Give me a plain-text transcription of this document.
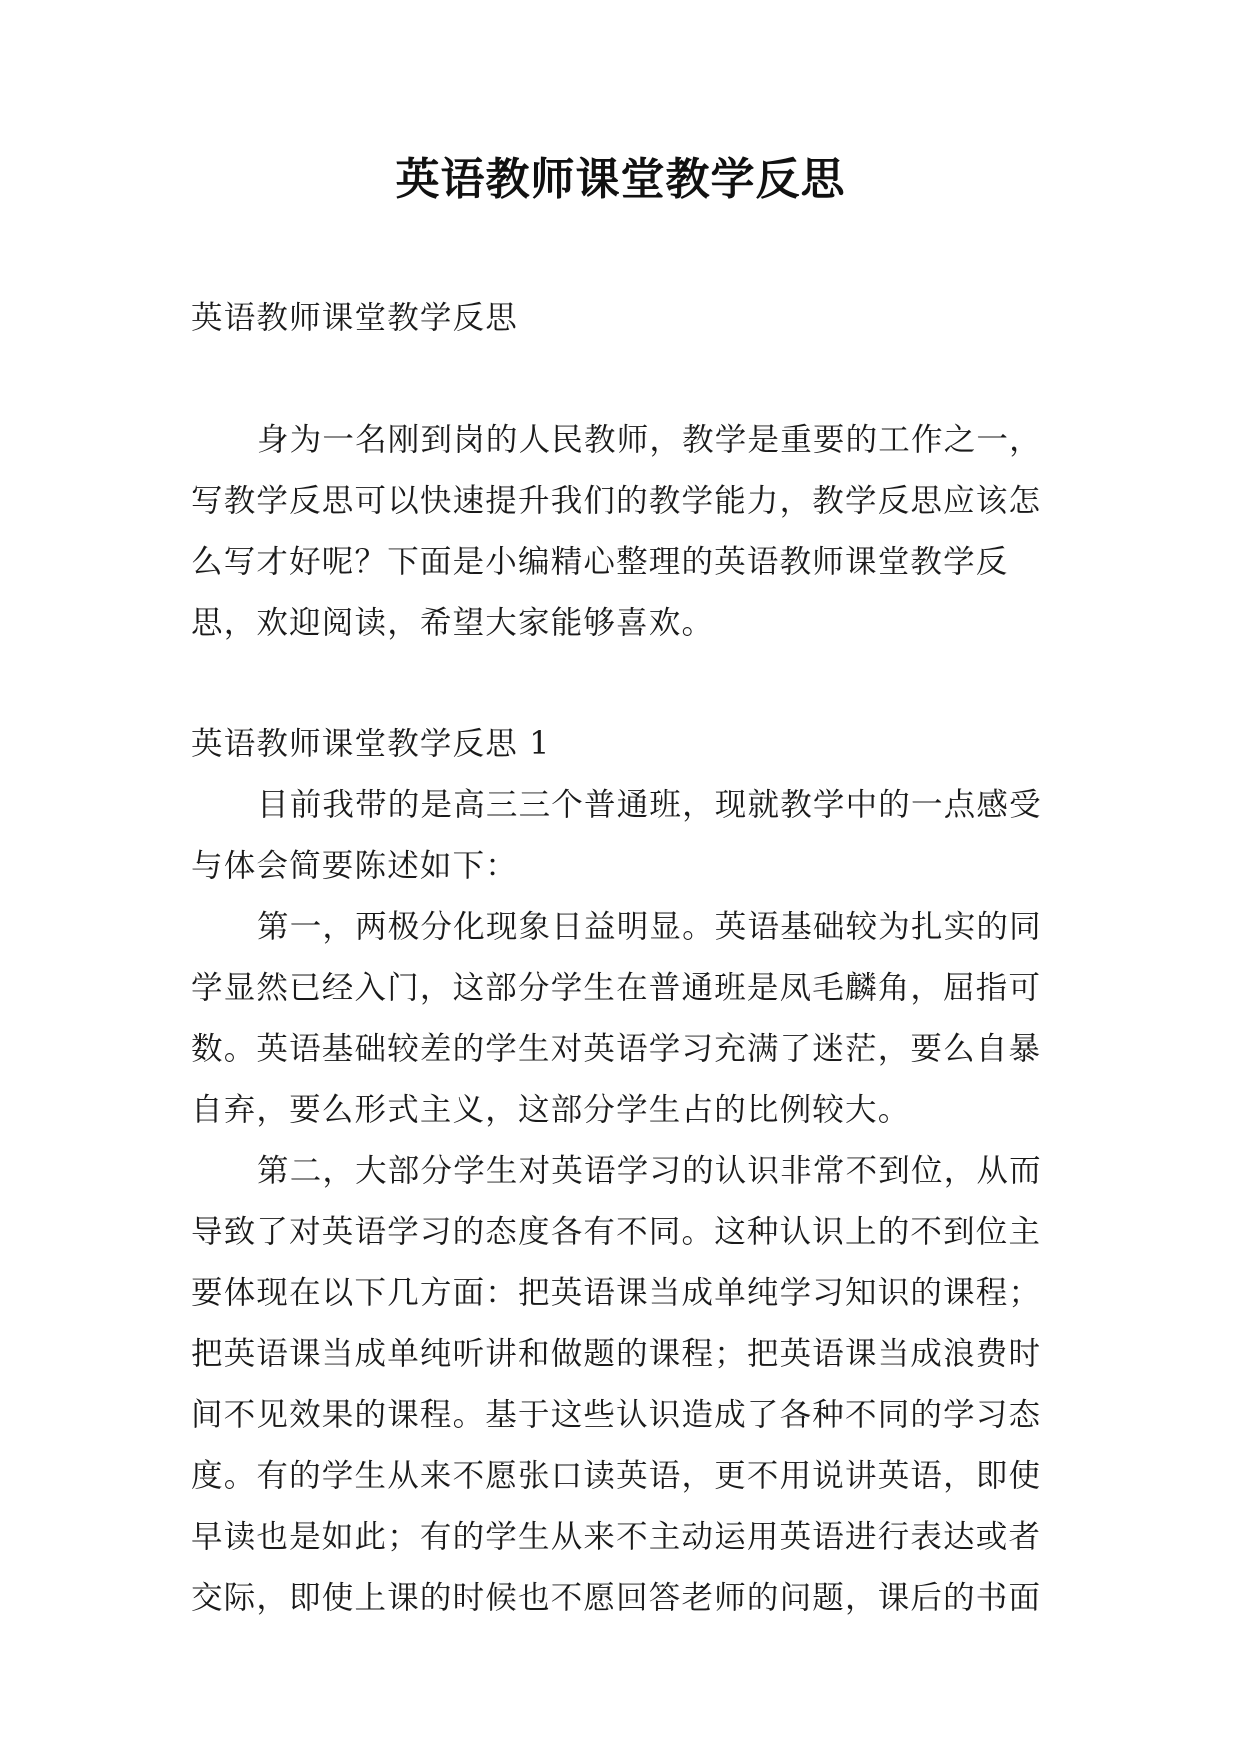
英语教师课堂教学反思
英语教师课堂教学反思
身为一名刚到岗的人民教师，教学是重要的工作之一，
写教学反思可以快速提升我们的教学能力，教学反思应该怎
么写才好呢？下面是小编精心整理的英语教师课堂教学反
思，欢迎阅读，希望大家能够喜欢。
英语教师课堂教学反思 1
目前我带的是高三三个普通班，现就教学中的一点感受
与体会简要陈述如下：
第一，两极分化现象日益明显。英语基础较为扎实的同
学显然已经入门，这部分学生在普通班是凤毛麟角，屈指可
数。英语基础较差的学生对英语学习充满了迷茫，要么自暴
自弃，要么形式主义，这部分学生占的比例较大。
第二，大部分学生对英语学习的认识非常不到位，从而
导致了对英语学习的态度各有不同。这种认识上的不到位主
要体现在以下几方面：把英语课当成单纯学习知识的课程；
把英语课当成单纯听讲和做题的课程；把英语课当成浪费时
间不见效果的课程。基于这些认识造成了各种不同的学习态
度。有的学生从来不愿张口读英语，更不用说讲英语，即使
早读也是如此；有的学生从来不主动运用英语进行表达或者
交际，即使上课的时候也不愿回答老师的问题，课后的书面
